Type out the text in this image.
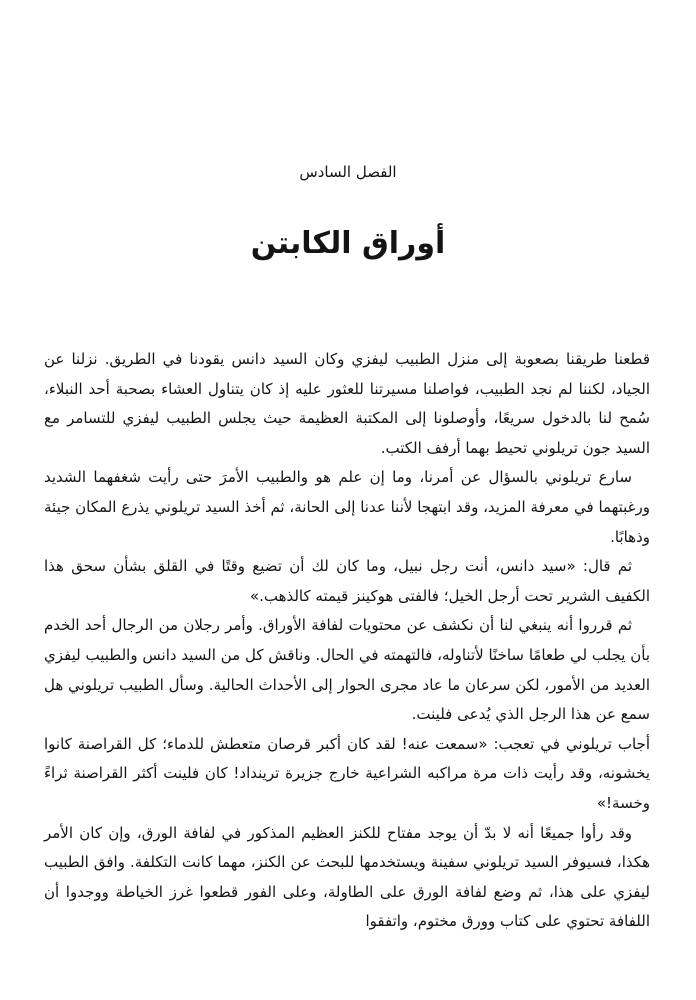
الفصل السادس
أوراق الكابتن

قطعنا طريقنا بصعوبة إلى منزل الطبيب ليفزي وكان السيد دانس يقودنا في الطريق. نزلنا عن الجياد، لكننا لم نجد الطبيب، فواصلنا مسيرتنا للعثور عليه إذ كان يتناول العشاء بصحبة أحد النبلاء، سُمح لنا بالدخول سريعًا، وأوصلونا إلى المكتبة العظيمة حيث يجلس الطبيب ليفزي للتسامر مع السيد جون تريلوني تحيط بهما أرفف الكتب.

سارع تريلوني بالسؤال عن أمرنا، وما إن علم هو والطبيب الأمرَ حتى رأيت شغفهما الشديد ورغبتهما في معرفة المزيد، وقد ابتهجا لأننا عدنا إلى الحانة، ثم أخذ السيد تريلوني يذرع المكان جيئة وذهابًا.

ثم قال: «سيد دانس، أنت رجل نبيل، وما كان لك أن تضيع وقتًا في القلق بشأن سحق هذا الكفيف الشرير تحت أرجل الخيل؛ فالفتى هوكينز قيمته كالذهب.»

ثم قرروا أنه ينبغي لنا أن نكشف عن محتويات لفافة الأوراق. وأمر رجلان من الرجال أحد الخدم بأن يجلب لي طعامًا ساخنًا لأتناوله، فالتهمته في الحال. وناقش كل من السيد دانس والطبيب ليفزي العديد من الأمور، لكن سرعان ما عاد مجرى الحوار إلى الأحداث الحالية. وسأل الطبيب تريلوني هل سمع عن هذا الرجل الذي يُدعى فلينت.

أجاب تريلوني في تعجب: «سمعت عنه! لقد كان أكبر قرصان متعطش للدماء؛ كل القراصنة كانوا يخشونه، وقد رأيت ذات مرة مراكبه الشراعية خارج جزيرة ترينداد! كان فلينت أكثر القراصنة ثراءً وخسة!»

وقد رأوا جميعًا أنه لا بدّ أن يوجد مفتاح للكنز العظيم المذكور في لفافة الورق، وإن كان الأمر هكذا، فسيوفر السيد تريلوني سفينة ويستخدمها للبحث عن الكنز، مهما كانت التكلفة. وافق الطبيب ليفزي على هذا، ثم وضع لفافة الورق على الطاولة، وعلى الفور قطعوا غرز الخياطة ووجدوا أن اللفافة تحتوي على كتاب وورق مختوم، واتفقوا
